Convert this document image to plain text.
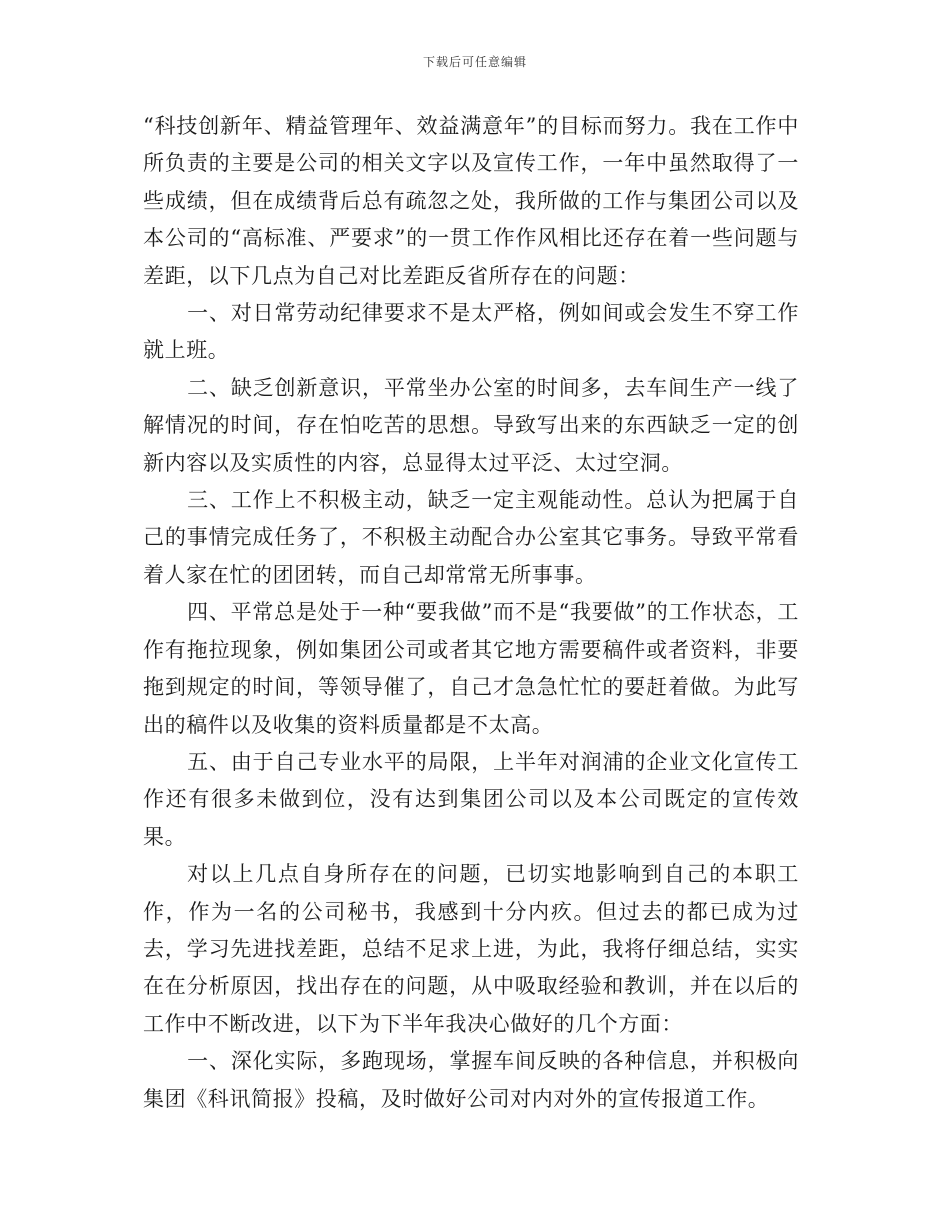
下载后可任意编辑

“科技创新年、精益管理年、效益满意年”的目标而努力。我在工作中所负责的主要是公司的相关文字以及宣传工作，一年中虽然取得了一些成绩，但在成绩背后总有疏忽之处，我所做的工作与集团公司以及本公司的“高标准、严要求”的一贯工作作风相比还存在着一些问题与差距，以下几点为自己对比差距反省所存在的问题：

一、对日常劳动纪律要求不是太严格，例如间或会发生不穿工作就上班。

二、缺乏创新意识，平常坐办公室的时间多，去车间生产一线了解情况的时间，存在怕吃苦的思想。导致写出来的东西缺乏一定的创新内容以及实质性的内容，总显得太过平泛、太过空洞。

三、工作上不积极主动，缺乏一定主观能动性。总认为把属于自己的事情完成任务了，不积极主动配合办公室其它事务。导致平常看着人家在忙的团团转，而自己却常常无所事事。

四、平常总是处于一种“要我做”而不是“我要做”的工作状态，工作有拖拉现象，例如集团公司或者其它地方需要稿件或者资料，非要拖到规定的时间，等领导催了，自己才急急忙忙的要赶着做。为此写出的稿件以及收集的资料质量都是不太高。

五、由于自己专业水平的局限，上半年对润浦的企业文化宣传工作还有很多未做到位，没有达到集团公司以及本公司既定的宣传效果。

对以上几点自身所存在的问题，已切实地影响到自己的本职工作，作为一名的公司秘书，我感到十分内疚。但过去的都已成为过去，学习先进找差距，总结不足求上进，为此，我将仔细总结，实实在在分析原因，找出存在的问题，从中吸取经验和教训，并在以后的工作中不断改进，以下为下半年我决心做好的几个方面：

一、深化实际，多跑现场，掌握车间反映的各种信息，并积极向集团《科讯简报》投稿，及时做好公司对内对外的宣传报道工作。
